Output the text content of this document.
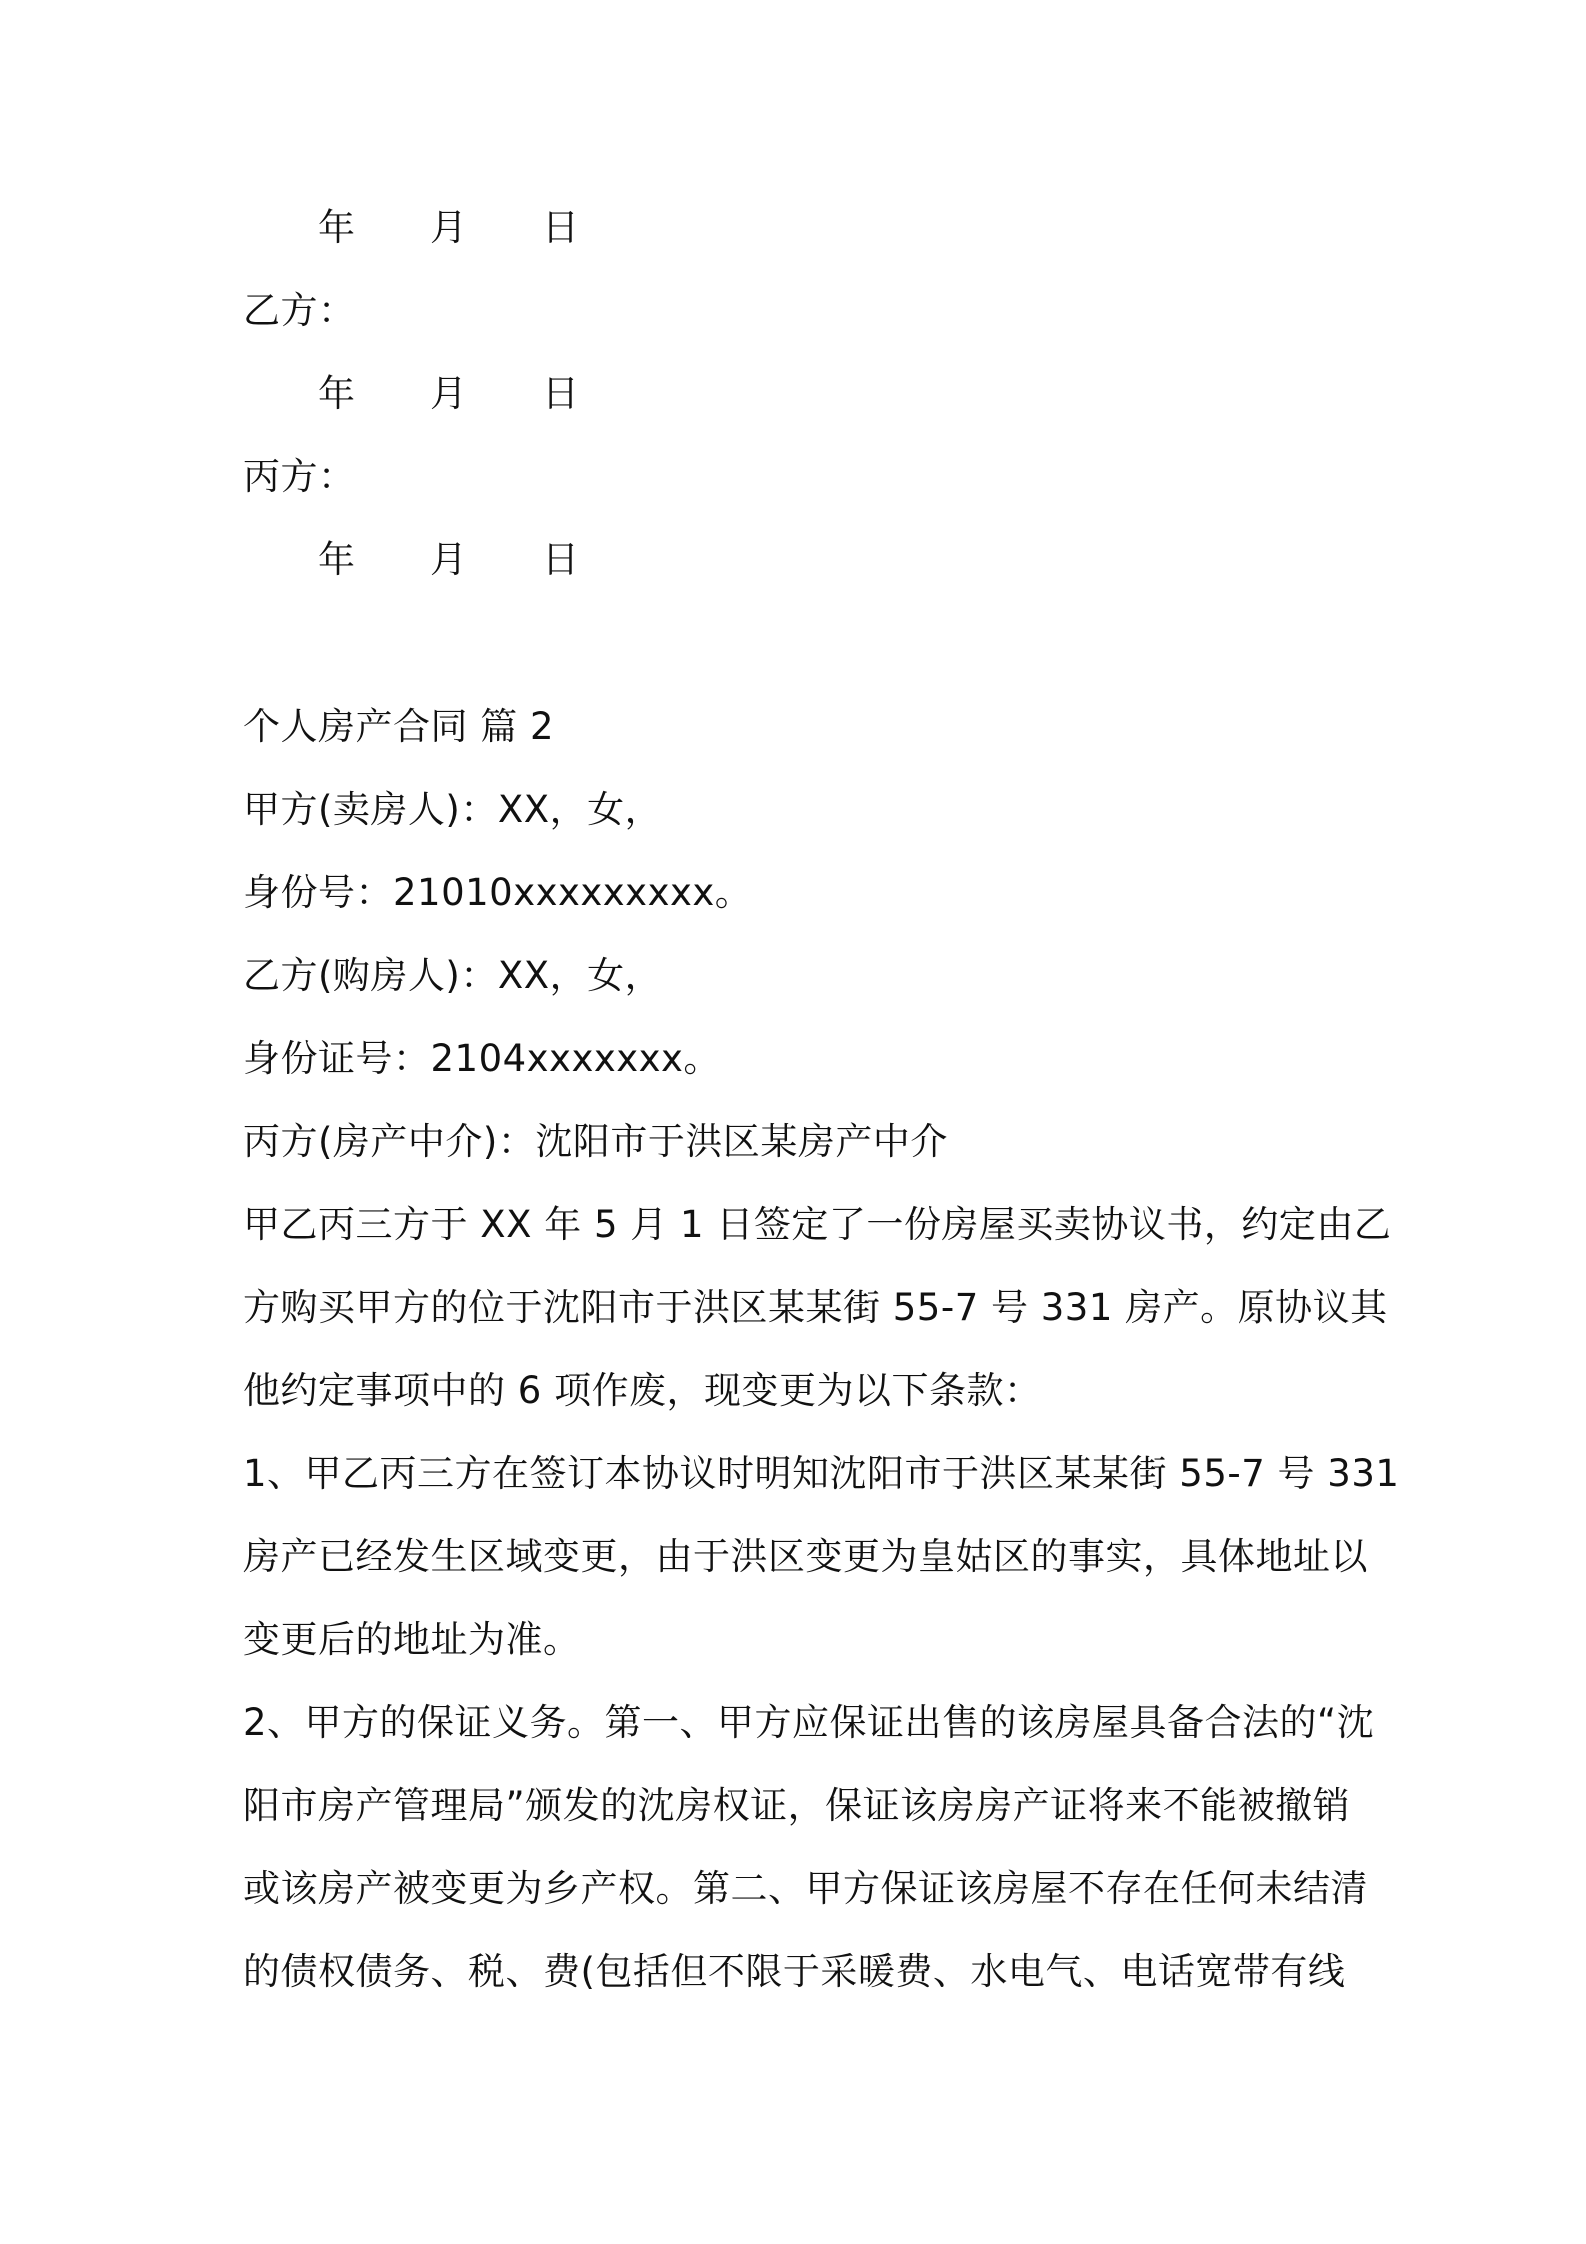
年 月 日
乙方：
年 月 日
丙方：
年 月 日
个人房产合同 篇 2
甲方(卖房人)：XX，女，
身份号：21010xxxxxxxxx。
乙方(购房人)：XX，女，
身份证号：2104xxxxxxx。
丙方(房产中介)：沈阳市于洪区某房产中介
甲乙丙三方于 XX 年 5 月 1 日签定了一份房屋买卖协议书，约定由乙
方购买甲方的位于沈阳市于洪区某某街 55-7 号 331 房产。原协议其
他约定事项中的 6 项作废，现变更为以下条款：
1、甲乙丙三方在签订本协议时明知沈阳市于洪区某某街 55-7 号 331
房产已经发生区域变更，由于洪区变更为皇姑区的事实，具体地址以
变更后的地址为准。
2、甲方的保证义务。第一、甲方应保证出售的该房屋具备合法的“沈
阳市房产管理局”颁发的沈房权证，保证该房房产证将来不能被撤销
或该房产被变更为乡产权。第二、甲方保证该房屋不存在任何未结清
的债权债务、税、费(包括但不限于采暖费、水电气、电话宽带有线
